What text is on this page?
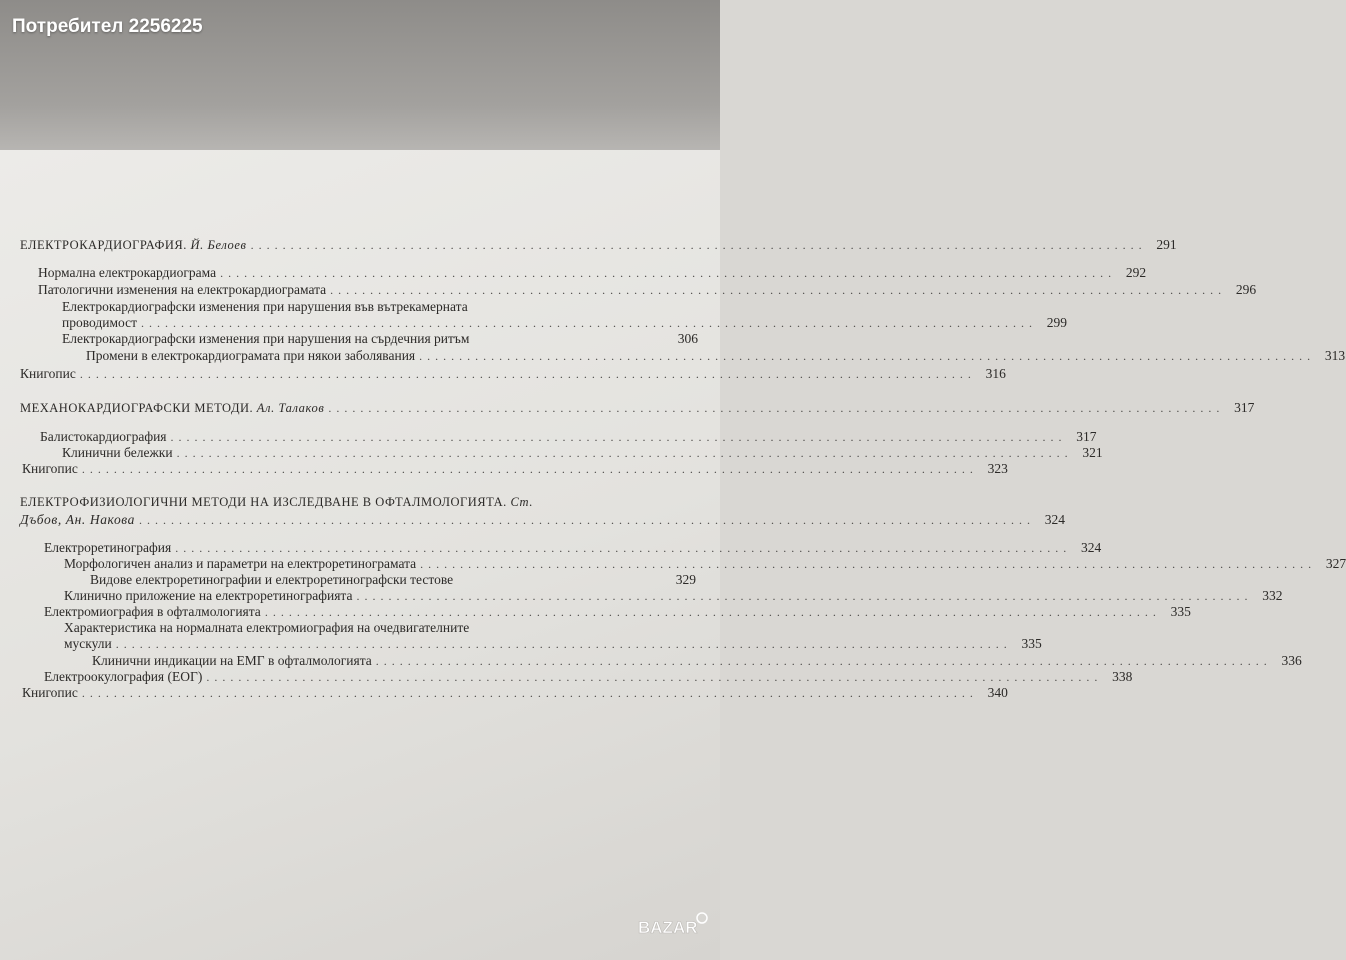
Потребител 2256225
ЕЛЕКТРОКАРДИОГРАФИЯ. Й. Белоев ................................................................................................................ 291
Нормална електрокардиограма ................................................................................................................ 292
Патологични изменения на електрокардиограмата ................................................................................................................ 296
Електрокардиографски изменения при нарушения във вътрекамерната
проводимост ................................................................................................................ 299
Електрокардиографски изменения при нарушения на сърдечния ритъм	306
Промени в електрокардиограмата при някои заболявания ................................................................................................................ 313
Книгопис ................................................................................................................ 316
МЕХАНОКАРДИОГРАФСКИ МЕТОДИ. Ал. Талаков ................................................................................................................ 317
Балистокардиография ................................................................................................................ 317
Клинични бележки ................................................................................................................ 321
Книгопис ................................................................................................................ 323
ЕЛЕКТРОФИЗИОЛОГИЧНИ МЕТОДИ НА ИЗСЛЕДВАНЕ В ОФТАЛМОЛОГИЯТА. Ст.
Дъбов, Ан. Накова ................................................................................................................ 324
Електроретинография ................................................................................................................ 324
Морфологичен анализ и параметри на електроретинограмата ................................................................................................................ 327
Видове електроретинографии и електроретинографски тестове	329
Клинично приложение на електроретинографията ................................................................................................................ 332
Електромиография в офталмологията ................................................................................................................ 335
Характеристика на нормалната електромиография на очедвигателните
мускули ................................................................................................................ 335
Клинични индикации на ЕМГ в офталмологията ................................................................................................................ 336
Електроокулография (ЕОГ) ................................................................................................................ 338
Книгопис ................................................................................................................ 340
BAZAR
